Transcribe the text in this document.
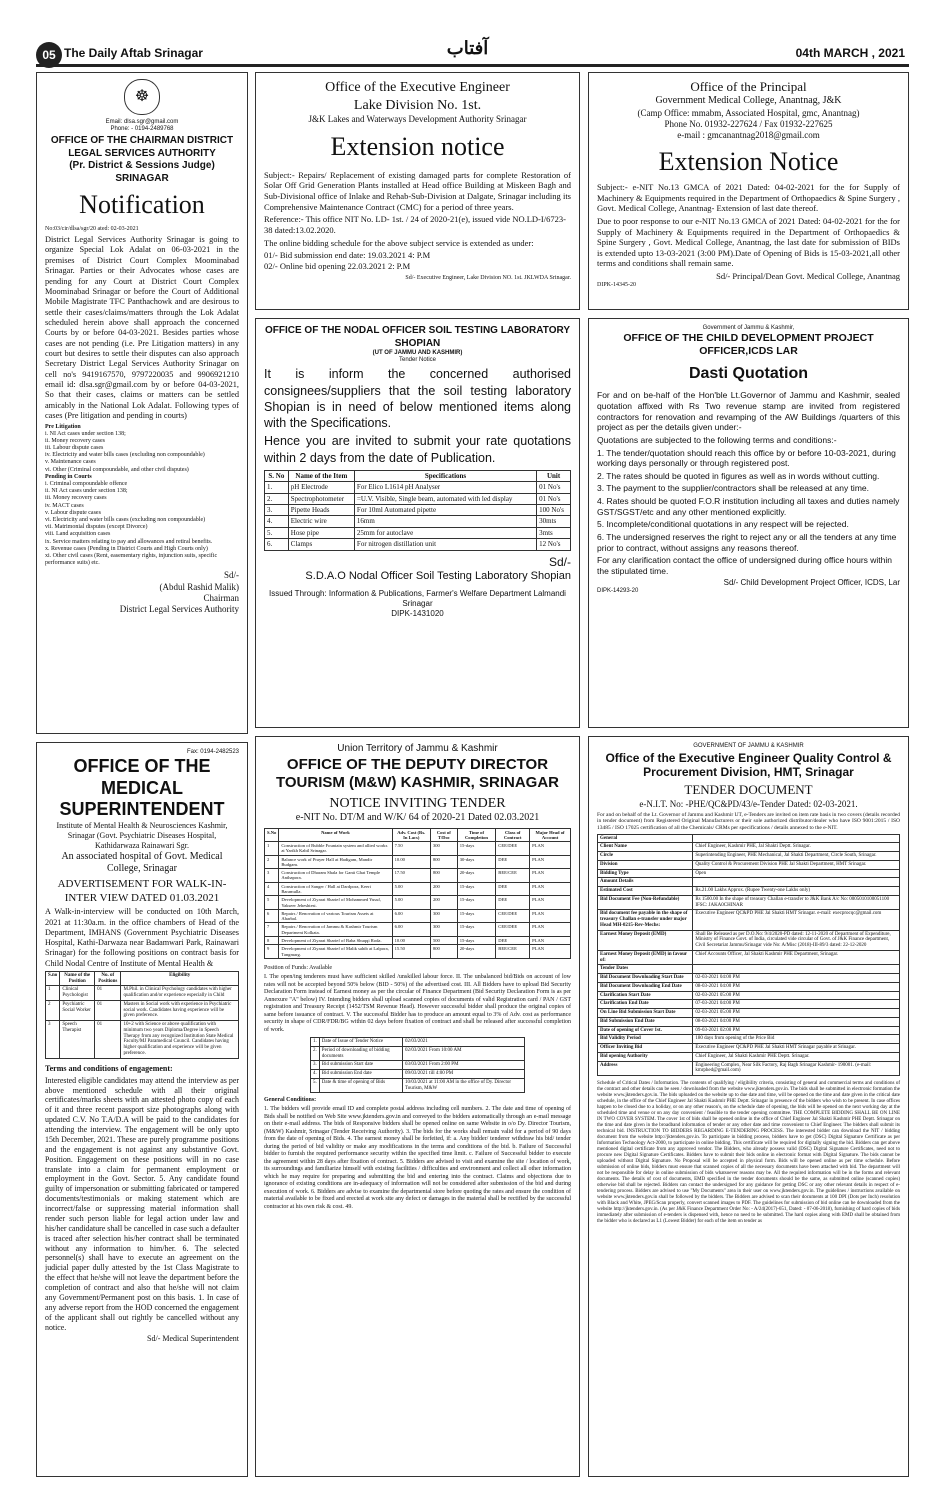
05 The Daily Aftab Srinagar	آفتاب	04th MARCH , 2021
☸
Email: dlsa.sgr@gmail.com
Phone: - 0194-2489768
OFFICE OF THE CHAIRMAN DISTRICT LEGAL SERVICES AUTHORITY
(Pr. District & Sessions Judge) SRINAGAR
Notification
No:03/cir/dlsa/sgr/20 ated: 02-03-2021

District Legal Services Authority Srinagar is going to organize Special Lok Adalat on 06-03-2021 in the premises of District Court Complex Moominabad Srinagar. Parties or their Advocates whose cases are pending for any Court at District Court Complex Moominabad Srinagar or before the Court of Additional Mobile Magistrate TFC Panthachowk and are desirous to settle their cases/claims/matters through the Lok Adalat scheduled herein above shall approach the concerned Courts by or before 04-03-2021. Besides parties whose cases are not pending (i.e. Pre Litigation matters) in any court but desires to settle their disputes can also approach Secretary District Legal Services Authority Srinagar on cell no's 9419167570, 9797220035 and 9906921210 email id: dlsa.sgr@gmail.com by or before 04-03-2021, So that their cases, claims or matters can be settled amicably in the National Lok Adalat. Following types of cases (Pre litigation and pending in courts)

Pre Litigation
i. NI Act cases under section 138;
ii. Money recovery cases
iii. Labour dispute cases
iv. Electricity and water bills cases (excluding non compoundable)
v. Maintenance cases
vi. Other (Criminal compoundable, and other civil disputes)
Pending in Courts
i. Criminal compoundable offence
ii. NI Act cases under section 138;
iii. Money recovery cases
iv. MACT cases
v. Labour dispute cases
vi. Electricity and water bills cases (excluding non compoundable)
vii. Matrimonial disputes (except Divorce)
viii. Land acquisition cases
ix. Service matters relating to pay and allowances and retiral benefits.
x. Revenue cases (Pending in District Courts and High Courts only)
xi. Other civil cases (Rent, easementary rights, injunction suits, specific performance suits) etc.
Sd/-
(Abdul Rashid Malik)
Chairman
District Legal Services Authority
Office of the Executive Engineer
Lake Division No. 1st.
J&K Lakes and Waterways Development Authority Srinagar
Extension notice

Subject:- Repairs/ Replacement of existing damaged parts for complete Restoration of Solar Off Grid Generation Plants installed at Head office Building at Miskeen Bagh and Sub-Divisional office of Inlake and Rehab-Sub-Division at Dalgate, Srinagar including its Comprehensive Maintenance Contract (CMC) for a period of three years.

Reference:- This office NIT No. LD- 1st. / 24 of 2020-21(e), issued vide NO.LD-I/6723-38 dated:13.02.2020.

The online bidding schedule for the above subject service is extended as under:

01/- Bid submission end date: 19.03.2021 4: P.M
02/- Online bid opening 22.03.2021 2: P.M
Sd/- Executive Engineer, Lake Division NO. 1st. JKLWDA Srinagar.
Office of the Principal
Government Medical College, Anantnag, J&K
(Camp Office: mmabm, Associated Hospital, gmc, Anantnag)
Phone No. 01932-227624 / Fax 01932-227625
e-mail : gmcanantnag2018@gmail.com
Extension Notice

Subject:- e-NIT No.13 GMCA of 2021 Dated: 04-02-2021 for the for Supply of Machinery & Equipments required in the Department of Orthopaedics & Spine Surgery , Govt. Medical College, Anantnag- Extension of last date thereof.

Due to poor response to our e-NIT No.13 GMCA of 2021 Dated: 04-02-2021 for the for Supply of Machinery & Equipments required in the Department of Orthopaedics & Spine Surgery , Govt. Medical College, Anantnag, the last date for submission of BIDs is extended upto 13-03-2021 (3:00 PM).Date of Opening of Bids is 15-03-2021,all other terms and conditions shall remain same.

Sd/- Principal/Dean Govt. Medical College, Anantnag
DIPK-14345-20
OFFICE OF THE NODAL OFFICER SOIL TESTING LABORATORY SHOPIAN
(UT OF JAMMU AND KASHMIR)
Tender Notice

It is inform the concerned authorised consignees/suppliers that the soil testing laboratory Shopian is in need of below mentioned items along with the Specifications.

Hence you are invited to submit your rate quotations within 2 days from the date of Publication.

S. No	Name of the Item	Specifications	Unit
1.	pH Electrode	For Elico L1614 pH Analyser	01 No's
2.	Spectrophotometer	=U.V. Visible, Single beam, automated with led display	01 No's
3.	Pipette Heads	For 10ml Automated pipette	100 No's
4.	Electric wire	16mm	30mts
5.	Hose pipe	25mm for autoclave	3mts
6.	Clamps	For nitrogen distillation unit	12 No's
Sd/-
S.D.A.O Nodal Officer Soil Testing Laboratory Shopian
Issued Through: Information & Publications, Farmer's Welfare Department Lalmandi Srinagar
DIPK-1431020
Government of Jammu & Kashmir,
OFFICE OF THE CHILD DEVELOPMENT PROJECT OFFICER,ICDS LAR
Dasti Quotation

For and on be-half of the Hon'ble Lt.Governor of Jammu and Kashmir, sealed quotation affixed with Rs Two revenue stamp are invited from registered contractors for renovation and revamping of the AW Buildings /quarters of this project as per the details given under:-

Quotations are subjected to the following terms and conditions:-

1. The tender/quotation should reach this office by or before 10-03-2021, during working days personally or through registered post.

2. The rates should be quoted in figures as well as in words without cutting.

3. The payment to the supplier/contractors shall be released at any time.

4. Rates should be quoted F.O.R institution including all taxes and duties namely GST/SGST/etc and any other mentioned explicitly.

5. Incomplete/conditional quotations in any respect will be rejected.

6. The undersigned reserves the right to reject any or all the tenders at any time prior to contract, without assigns any reasons thereof.

For any clarification contact the office of undersigned during office hours within the stipulated time.

Sd/- Child Development Project Officer, ICDS, Lar
DIPK-14293-20
Fax: 0194-2482523
OFFICE OF THE MEDICAL SUPERINTENDENT
Institute of Mental Health & Neurosciences Kashmir, Srinagar (Govt. Psychiatric Diseases Hospital, Kathidarwaza Rainawari Sgr.
An associated hospital of Govt. Medical College, Srinagar
ADVERTISEMENT FOR WALK-IN-INTER VIEW DATED 01.03.2021

A Walk-in-interview will be conducted on 10th March, 2021 at 11:30a.m. in the office chambers of Head of the Department, IMHANS (Government Psychiatric Diseases Hospital, Kathi-Darwaza near Badamwari Park, Rainawari Srinagar) for the following positions on contract basis for Child Nodal Centre of Institute of Mental Health &

S.no	Name of the Position	No. of Positions	Eligibility
1	Clinical Psychologist	01	M.Phil. in Clinical Psychology candidates with higher qualification and/or experience especially in Child
2	Psychiatric Social Worker	01	Masters in Social work with experience in Psychiatric social work. Candidates having experience will be given preference.
3	Speech Therapist	01	10+2 with Science or above qualification with minimum two years Diploma/Degree in Speech Therapy from any recognized Institution State Medical Faculty/MJ Paramedical Council. Candidates having higher qualification and experience will be given preference.
Terms and conditions of engagement:

Interested eligible candidates may attend the interview as per above mentioned schedule with all their original certificates/marks sheets with an attested photo copy of each of it and three recent passport size photographs along with updated C.V. No T.A/D.A will be paid to the candidates for attending the interview. The engagement will be only upto 15th December, 2021. These are purely programme positions and the engagement is not against any substantive Govt. Position. Engagement on these positions will in no case translate into a claim for permanent employment or employment in the Govt. Sector. 5. Any candidate found guilty of impersonation or submitting fabricated or tampered documents/testimonials or making statement which are incorrect/false or suppressing material information shall render such person liable for legal action under law and his/her candidature shall be cancelled in case such a defaulter is traced after selection his/her contract shall be terminated without any information to him/her. 6. The selected personnel(s) shall have to execute an agreement on the judicial paper dully attested by the 1st Class Magistrate to the effect that he/she will not leave the department before the completion of contract and also that he/she will not claim any Government/Permanent post on this basis. 1. In case of any adverse report from the HOD concerned the engagement of the applicant shall out rightly be cancelled without any notice.

Sd/- Medical Superintendent
Union Territory of Jammu & Kashmir
OFFICE OF THE DEPUTY DIRECTOR TOURISM (M&W) KASHMIR, SRINAGAR
NOTICE INVITING TENDER
e-NIT No. DT/M and W/K/ 64 of 2020-21 Dated 02.03.2021
S.No	Name of Work	Adv. Cost (Rs. In Lacs)	Cost of T/Doc	Time of Completion	Class of Contract	Major Head of Account
1	Construction of Bubble Fountain system and allied works at Yarikh Kabil Srinagar.	7.50	300	15-days	CEE/DEE	PLAN
2	Balance work of Prayer Hall at Hadigam, Mandir Budgam.	10.00	800	30-days	DEE	PLAN
3	Construction of Dharam Shala for Ganti Ghat Temple Anthapora.	17.50	800	20-days	BEE/CEE	PLAN
4	Construction of Sanger / Hall at Dardpora, Keeri Baramulla.	5.00	200	15-days	DEE	PLAN
5	Development of Ziyarat Sharief of Mohammed Yusuf, Yakseer Jeheshtest.	5.00	200	15-days	DEE	PLAN
6	Repairs / Renovation of various Tourism Assets at Aharbal.	6.00	300	15-days	CEE/DEE	PLAN
7	Repairs / Renovation of Jammu & Kashmir Tourism Department Kolkata.	6.00	300	15-days	CEE/DEE	PLAN
8	Development of Ziyarat Sharief of Baba Shuqqi Roda.	10.00	500	15-days	DEE	PLAN
9	Development of Ziyarat Sharief of Malik sahib at Lalpora, Tangmarg.	15.50	800	20-days	BEE/CEE	PLAN
Position of Funds: Available

I. The open/ing tenderers must have sufficient skilled /unskilled labour force. II. The unbalanced bid/Bids on account of low rates will not be accepted beyond 50% below (BID - 50%) of the advertised cost. III. All Bidders have to upload Bid Security Declaration Form instead of Earnest money as per the circular of Finance Department (Bid Security Declaration Form is as per Annexure "A" below) IV. Intending bidders shall upload scanned copies of documents of valid Registration card / PAN / GST registration and Treasury Receipt (1452/TSM Revenue Head). However successful bidder shall produce the original copies of same before issuance of contract. V. The successful Bidder has to produce an amount equal to 3% of Adv. cost as performance security in shape of CDR/FDR/BG within 02 days before fixation of contract and shall be released after successful completion of work.

1.	Date of Issue of Tender Notice	02/03/2021
2.	Period of downloading of bidding documents	02/03/2021 From 10:00 AM
3.	Bid submission Start date	03/03/2021 From 2:00 PM
4.	Bid submission End date	09/03/2021 till 4:00 PM
5.	Date & time of opening of Bids	10/03/2021 at 11:00 AM in the office of Dy. Director Tourism, M&W
General Conditions:

1. The bidders will provide email ID and complete postal address including cell numbers. 2. The date and time of opening of Bids shall be notified on Web Site www.jktenders.gov.in and conveyed to the bidders automatically through an e-mail message on their e-mail address. The bids of Responsive bidders shall be opened online on same Website in o/o Dy. Director Tourism, (M&W) Kashmir, Srinagar (Tender Receiving Authority). 3. The bids for the works shall remain valid for a period of 90 days from the date of opening of Bids. 4. The earnest money shall be forfeited, if: a. Any bidder/ tenderer withdraw his bid/ tender during the period of bid validity or make any modifications in the terms and conditions of the bid. b. Failure of Successful bidder to furnish the required performance security within the specified time limit. c. Failure of Successful bidder to execute the agreement within 28 days after fixation of contract. 5. Bidders are advised to visit and examine the site / location of work, its surroundings and familiarize himself with existing facilities / difficulties and environment and collect all other information which he may require for preparing and submitting the bid and entering into the contract. Claims and objections due to ignorance of existing conditions are in-adequacy of information will not be considered after submission of the bid and during execution of work. 6. Bidders are advise to examine the departmental store before quoting the rates and ensure the condition of material available to be fixed and erected at work site any defect or damages in the material shall be rectified by the successful contractor at his own risk & cost. 49.

GOVERNMENT OF JAMMU & KASHMIR
Office of the Executive Engineer Quality Control & Procurement Division, HMT, Srinagar
TENDER DOCUMENT
e-N.I.T. No: -PHE/QC&PD/43/e-Tender Dated: 02-03-2021.

For and on behalf of the Lt. Governor of Jammu and Kashmir UT, e-Tenders are invited on item rate basis in two covers (details recorded in tender document) from Registered Original Manufacturers or their sole authorized distributor/dealer who have ISO 9001:2015 / ISO 13485 / ISO 17025 certification of all the Chemicals/ CRMs per specifications / details annexed to the e-NIT.

General	
Client Name	Chief Engineer, Kashmir PHE, Jal Shakti Deptt. Srinagar.
Circle	Superintending Engineer, PHE Mechanical, Jal Shakti Department, Circle South, Srinagar.
Division	Quality Control & Procurement Division PHE Jal Shakti Department, HMT Srinagar.
Bidding Type	Open
Amount Details	
Estimated Cost	Rs.21.00 Lakhs Approx. (Rupee Twenty-one Lakhs only)
Bid Document Fee (Non-Refundable)	Rs 1500.00 In the shape of treasury Challan e-transfer to J&K Bank A/c No: 0005010100051100 IFSC: JAKA0CHINAR
Bid document fee payable in the shape of treasury Challan e-transfer under major Head MH-0215-Rev-Mechs:	Executive Engineer QC&PD PHE Jal Shakti HMT Srinagar. e-mail: execprocqc@gmail.com
Earnest Money Deposit (EMD)	Shall Be Released as per D.O.No: 9/4/2020-PD dated: 12-11-2020 of Department of Expenditure, Ministry of Finance Govt. of India, circulated vide circular of Govt. of J&K Finance department, Civil Secretariat Jammu/Srinagar vide No: A/Misc (2018)-III-89/3 dated: 22-12-2020
Earnest Money Deposit (EMD) in favour of:	Chief Accounts Officer, Jal Shakti Kashmir PHE Department, Srinagar.
Tender Dates	
Bid Document Downloading Start Date	02-03-2021 04:00 PM
Bid Document Downloading End Date	08-03-2021 04:00 PM
Clarification Start Date	02-03-2021 05:00 PM
Clarification End Date	07-03-2021 04:00 PM
On Line Bid Submission Start Date	02-03-2021 05:00 PM
Bid Submission End Date	08-03-2021 04:00 PM
Date of opening of Cover 1st.	09-03-2021 02:00 PM
Bid Validity Period	180 days from opening of the Price Bid
Officer Inviting Bid	Executive Engineer QC&PD PHE Jal Shakti HMT Srinagar payable at Srinagar.
Bid opening Authority	Chief Engineer, Jal Shakti Kashmir PHE Deptt. Srinagar.
Address	Engineering Complex, Near Silk Factory, Raj Bagh Srinagar Kashmir- 190001. (e-mail: kmrphed@gmail.com)

Schedule of Critical Dates / Information. The contents of qualifying / eligibility criteria, consisting of general and commercial terms and conditions of the contract and other details can be seen / downloaded from the website www.jktenders.gov.in. The bids shall be submitted in electronic formation the website www.jktenders.gov.in. The bids uploaded on the website up to due date and time, will be opened on the time and date given in the critical date schedule, in the office of the Chief Engineer Jal Shakti Kashmir PHE Deptt. Srinagar in presence of the bidders who wish to be present. In case offices happen to be closed due to a holiday, or on any other reason's, on the schedule date of opening, the bids will be opened on the next working day at the scheduled time and venue or on any day convenient / feasible to the tender opening committee. THE COMPLETE BIDDING SHALL BE ON LINE IN TWO COVER SYSTEM. The cover 1st of bids shall be opened online in the office of Chief Engineer Jal Shakti Kashmir PHE Deptt. Srinagar on the time and date given in the broadband information of tender or any other date and time convenient to Chief Engineer. The bidders shall submit its technical bid. INSTRUCTION TO BIDDERS REGARDING E-TENDERING PROCESS. The interested bidder can download the NIT / bidding document from the website http://jktenders.gov.in. To participate in bidding process, bidders have to get (DSC) Digital Signature Certificate as per Information Technology Act-2000, to participate in online bidding. This certificate will be required for digitally signing the bid. Bidders can get above mentioned digital certificate from any approved vendor. The Bidders, who already possess valid (DSC) Digital Signature Certificates, need not to procure new Digital Signature Certificates. Bidders have to submit their bids online in electronic format with Digital Signature. The bids cannot be uploaded without Digital Signature. No Proposal will be accepted in physical form. Bids will be opened online as per time schedule. Before submission of online bids, bidders must ensure that scanned copies of all the necessary documents have been attached with bid. The department will not be responsible for delay in online submission of bids whatsoever reasons may be. All the required information will be in the forms and relevant documents. The details of cost of documents, EMD specified in the tender documents should be the same, as submitted online (scanned copies) otherwise bid shall be rejected. Bidders can contact the undersigned for any guidance for getting DSC or any other relevant details in respect of e-tendering process. Bidders are advised to use "My Documents" area in their user on www.jktenders.gov.in. The guidelines / instructions available on website www.jktenders.gov.in shall be followed by the bidders. The Bidders are advised to scan their documents at 100 DPI (Dots per Inch) resolution with Black and White, JPEG/Scan properly, convert scanned images to PDF. The guidelines for submission of bid online can be downloaded from the website http://jktenders.gov.in. (As per J&K Finance Department Order No: - A/24(2017)-651, Dated: - 07-06-2018), furnishing of hard copies of bids immediately after submission of e-tenders is dispensed with, hence no need to be submitted. The hard copies along with EMD shall be obtained from the bidder who is declared as L1 (Lowest Bidder) for each of the item on tender as
